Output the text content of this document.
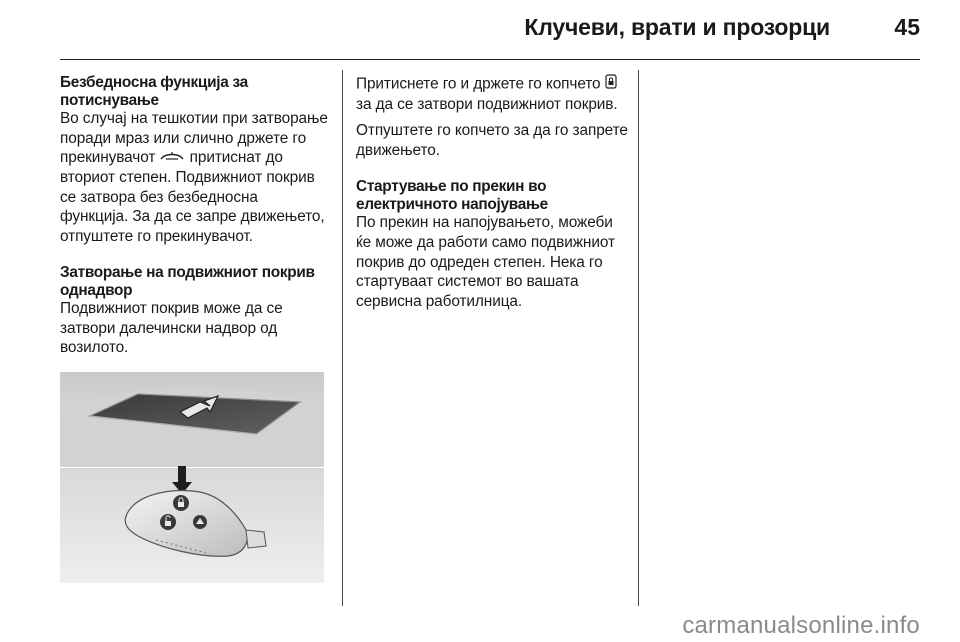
Клучеви, врати и прозорци	45
Безбедносна функција за потиснување

Во случај на тешкотии при затворање поради мраз или слично држете го прекинувачот притиснат до вториот степен. Подвижниот покрив се затвора без безбедносна функција. За да се запре движењето, отпуштете го прекинувачот.

Затворање на подвижниот покрив однадвор

Подвижниот покрив може да се затвори далечински надвор од возилото.

Притиснете го и држете го копчето  за да се затвори подвижниот покрив.

Отпуштете го копчето за да го запрете движењето.

Стартување по прекин во електричното напојување

По прекин на напојувањето, можеби ќе може да работи само подвижниот покрив до одреден степен. Нека го стартуваат системот во вашата сервисна работилница.

carmanualsonline.info
